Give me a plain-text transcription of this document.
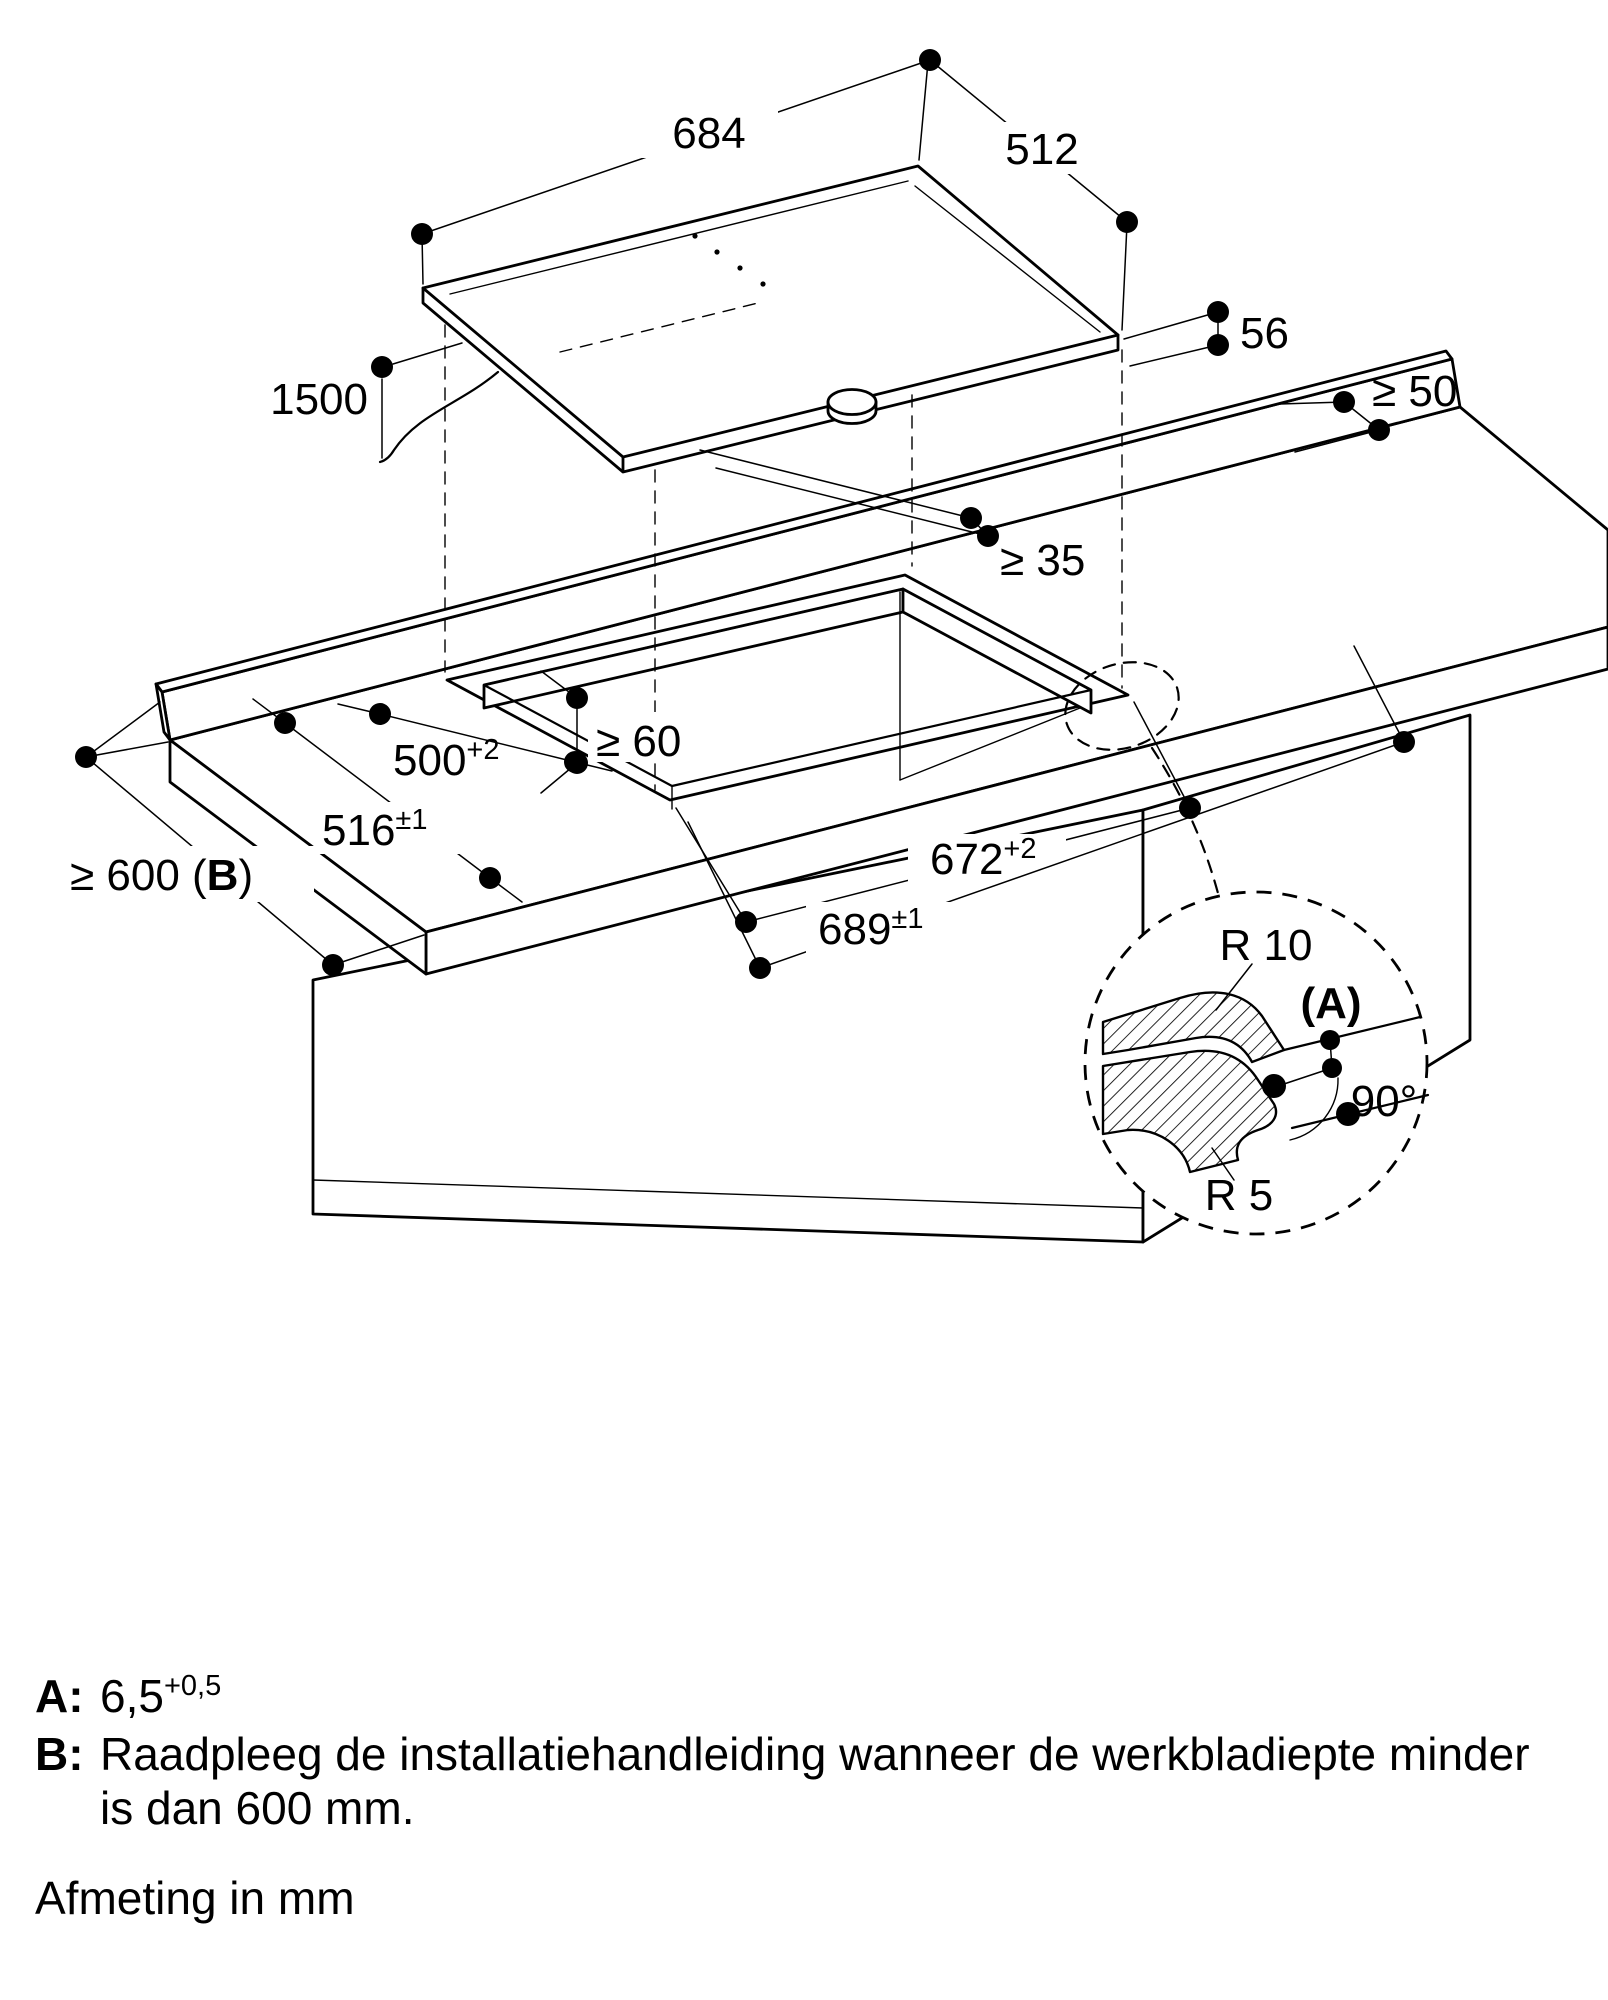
684	512
56
≥ 50
1500
≥ 35
$500^{+2} \ge 60$
$516^{\pm 1}$
$672^{+2}$
$689^{\pm 1}$
≥ 600 (B)
R 10
(A)
90°
R 5
A: $6,5^{+0,5}$
B: Raadpleeg de installatiehandleiding wanneer de werkbladiepte minder
is dan 600 mm.
Afmeting in mm
